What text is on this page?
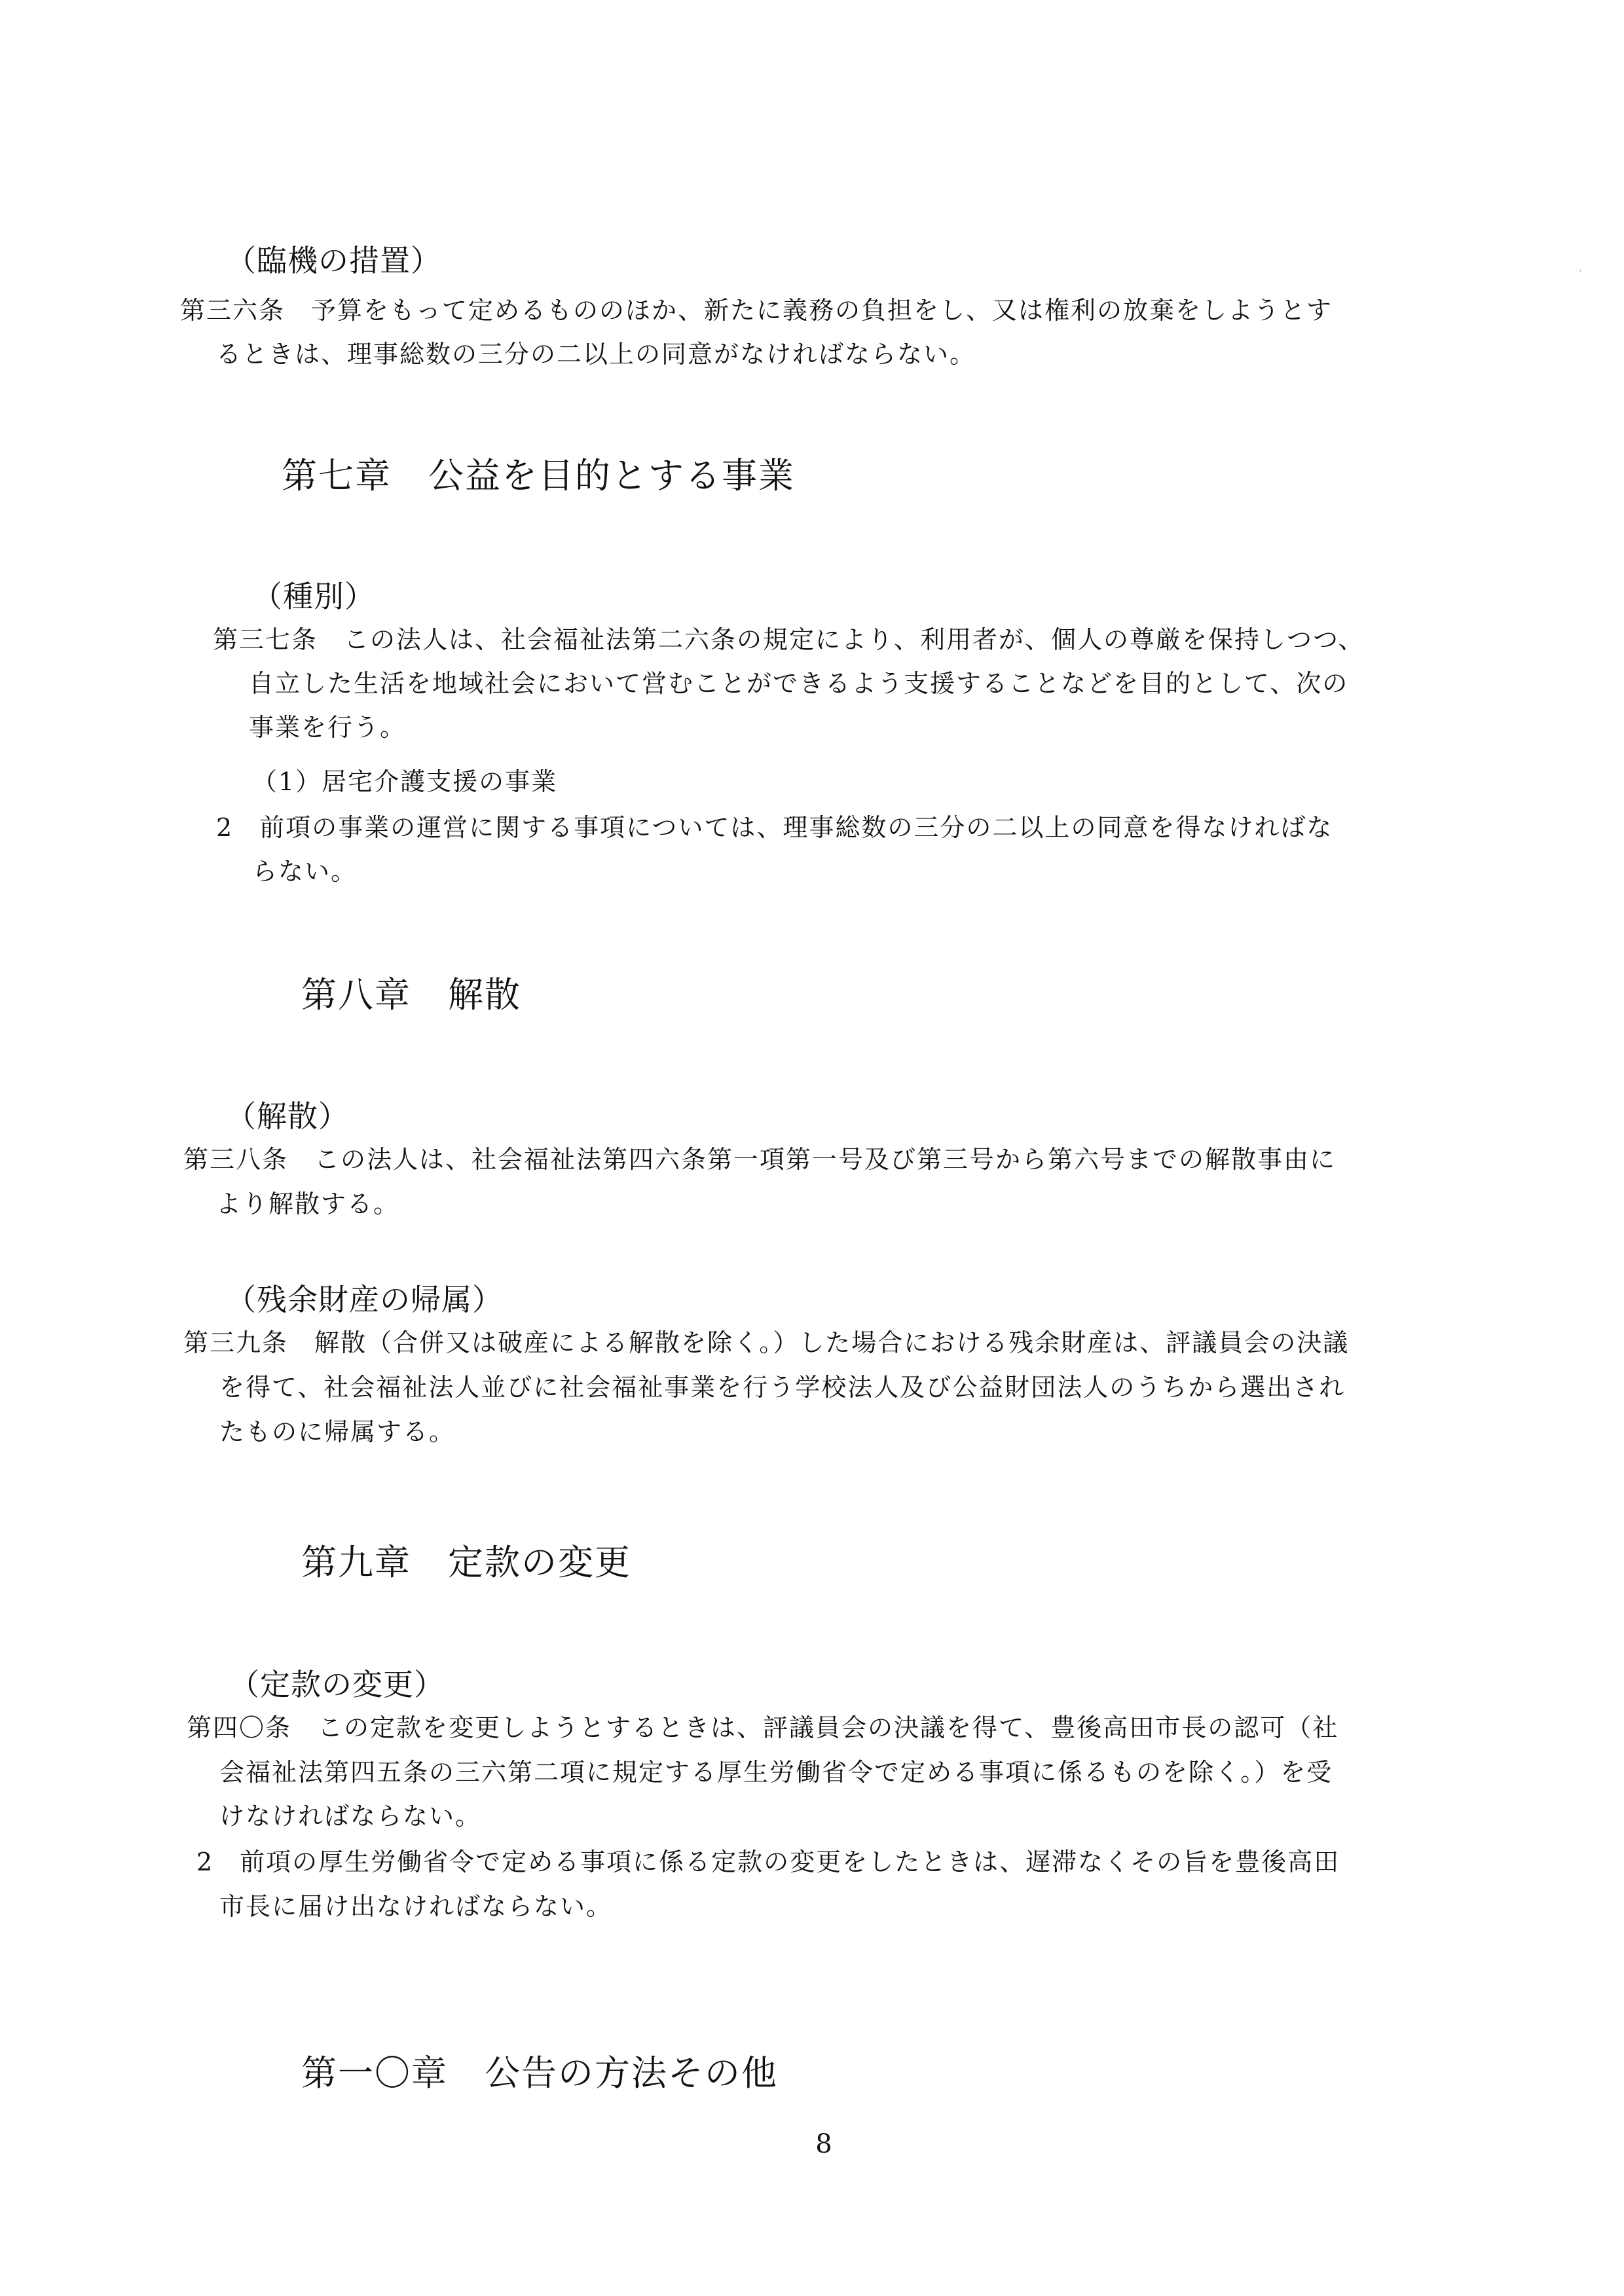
（臨機の措置）
第三六条　予算をもって定めるもののほか、新たに義務の負担をし、又は権利の放棄をしようとす
るときは、理事総数の三分の二以上の同意がなければならない。
第七章　公益を目的とする事業
（種別）
第三七条　この法人は、社会福祉法第二六条の規定により、利用者が、個人の尊厳を保持しつつ、
自立した生活を地域社会において営むことができるよう支援することなどを目的として、次の
事業を行う。
（1）居宅介護支援の事業
2　前項の事業の運営に関する事項については、理事総数の三分の二以上の同意を得なければな
らない。
第八章　解散
（解散）
第三八条　この法人は、社会福祉法第四六条第一項第一号及び第三号から第六号までの解散事由に
より解散する。
（残余財産の帰属）
第三九条　解散（合併又は破産による解散を除く。）した場合における残余財産は、評議員会の決議
を得て、社会福祉法人並びに社会福祉事業を行う学校法人及び公益財団法人のうちから選出され
たものに帰属する。
第九章　定款の変更
（定款の変更）
第四〇条　この定款を変更しようとするときは、評議員会の決議を得て、豊後高田市長の認可（社
会福祉法第四五条の三六第二項に規定する厚生労働省令で定める事項に係るものを除く。）を受
けなければならない。
2　前項の厚生労働省令で定める事項に係る定款の変更をしたときは、遅滞なくその旨を豊後高田
市長に届け出なければならない。
第一〇章　公告の方法その他
8
